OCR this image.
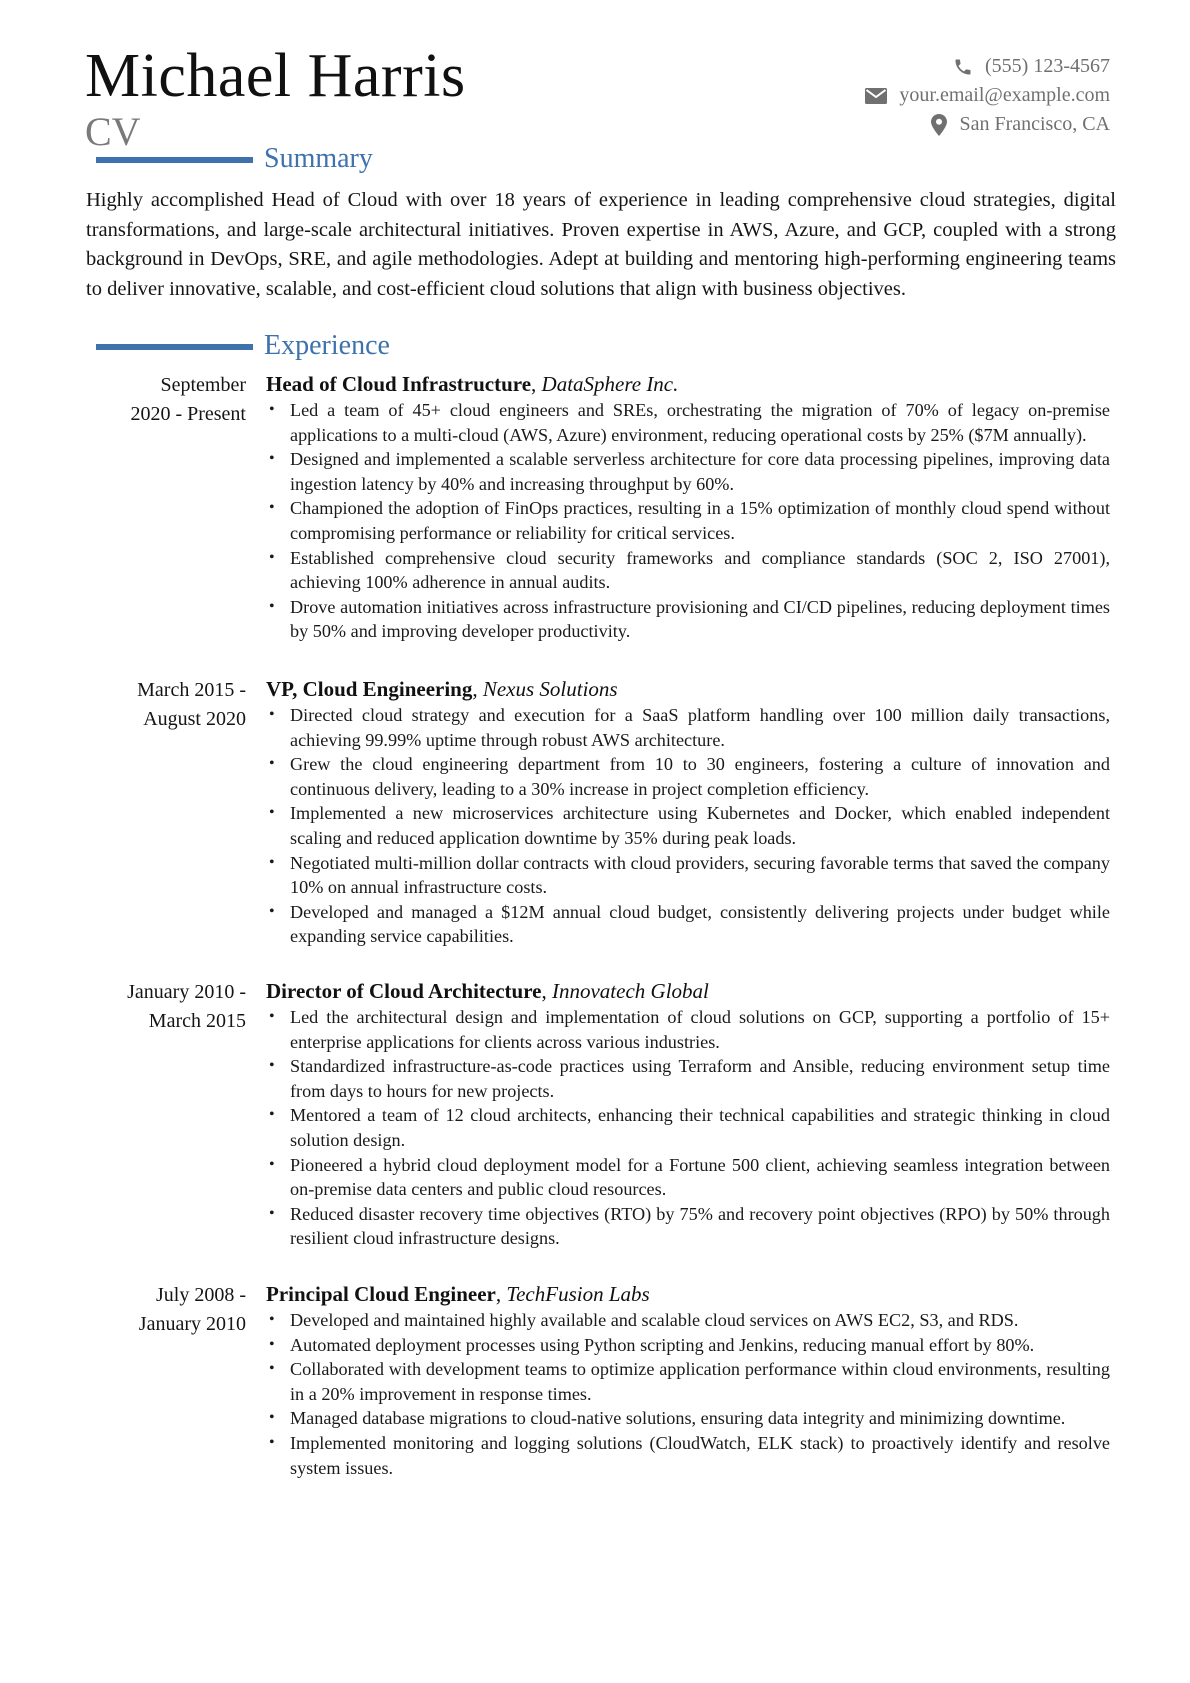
Michael Harris
CV
(555) 123-4567
your.email@example.com
San Francisco, CA
Summary
Highly accomplished Head of Cloud with over 18 years of experience in leading comprehensive cloud strategies, digital transformations, and large-scale architectural initiatives. Proven expertise in AWS, Azure, and GCP, coupled with a strong background in DevOps, SRE, and agile methodologies. Adept at building and mentoring high-performing engineering teams to deliver innovative, scalable, and cost-efficient cloud solutions that align with business objectives.
Experience
September
2020 - Present
Head of Cloud Infrastructure, DataSphere Inc.
• Led a team of 45+ cloud engineers and SREs, orchestrating the migration of 70% of legacy on-premise applications to a multi-cloud (AWS, Azure) environment, reducing operational costs by 25% ($7M annually).
• Designed and implemented a scalable serverless architecture for core data processing pipelines, improving data ingestion latency by 40% and increasing throughput by 60%.
• Championed the adoption of FinOps practices, resulting in a 15% optimization of monthly cloud spend without compromising performance or reliability for critical services.
• Established comprehensive cloud security frameworks and compliance standards (SOC 2, ISO 27001), achieving 100% adherence in annual audits.
• Drove automation initiatives across infrastructure provisioning and CI/CD pipelines, reducing deployment times by 50% and improving developer productivity.
March 2015 -
August 2020
VP, Cloud Engineering, Nexus Solutions
• Directed cloud strategy and execution for a SaaS platform handling over 100 million daily transactions, achieving 99.99% uptime through robust AWS architecture.
• Grew the cloud engineering department from 10 to 30 engineers, fostering a culture of innovation and continuous delivery, leading to a 30% increase in project completion efficiency.
• Implemented a new microservices architecture using Kubernetes and Docker, which enabled independent scaling and reduced application downtime by 35% during peak loads.
• Negotiated multi-million dollar contracts with cloud providers, securing favorable terms that saved the company 10% on annual infrastructure costs.
• Developed and managed a $12M annual cloud budget, consistently delivering projects under budget while expanding service capabilities.
January 2010 -
March 2015
Director of Cloud Architecture, Innovatech Global
• Led the architectural design and implementation of cloud solutions on GCP, supporting a portfolio of 15+ enterprise applications for clients across various industries.
• Standardized infrastructure-as-code practices using Terraform and Ansible, reducing environment setup time from days to hours for new projects.
• Mentored a team of 12 cloud architects, enhancing their technical capabilities and strategic thinking in cloud solution design.
• Pioneered a hybrid cloud deployment model for a Fortune 500 client, achieving seamless integration between on-premise data centers and public cloud resources.
• Reduced disaster recovery time objectives (RTO) by 75% and recovery point objectives (RPO) by 50% through resilient cloud infrastructure designs.
July 2008 -
January 2010
Principal Cloud Engineer, TechFusion Labs
• Developed and maintained highly available and scalable cloud services on AWS EC2, S3, and RDS.
• Automated deployment processes using Python scripting and Jenkins, reducing manual effort by 80%.
• Collaborated with development teams to optimize application performance within cloud environments, resulting in a 20% improvement in response times.
• Managed database migrations to cloud-native solutions, ensuring data integrity and minimizing downtime.
• Implemented monitoring and logging solutions (CloudWatch, ELK stack) to proactively identify and resolve system issues.
